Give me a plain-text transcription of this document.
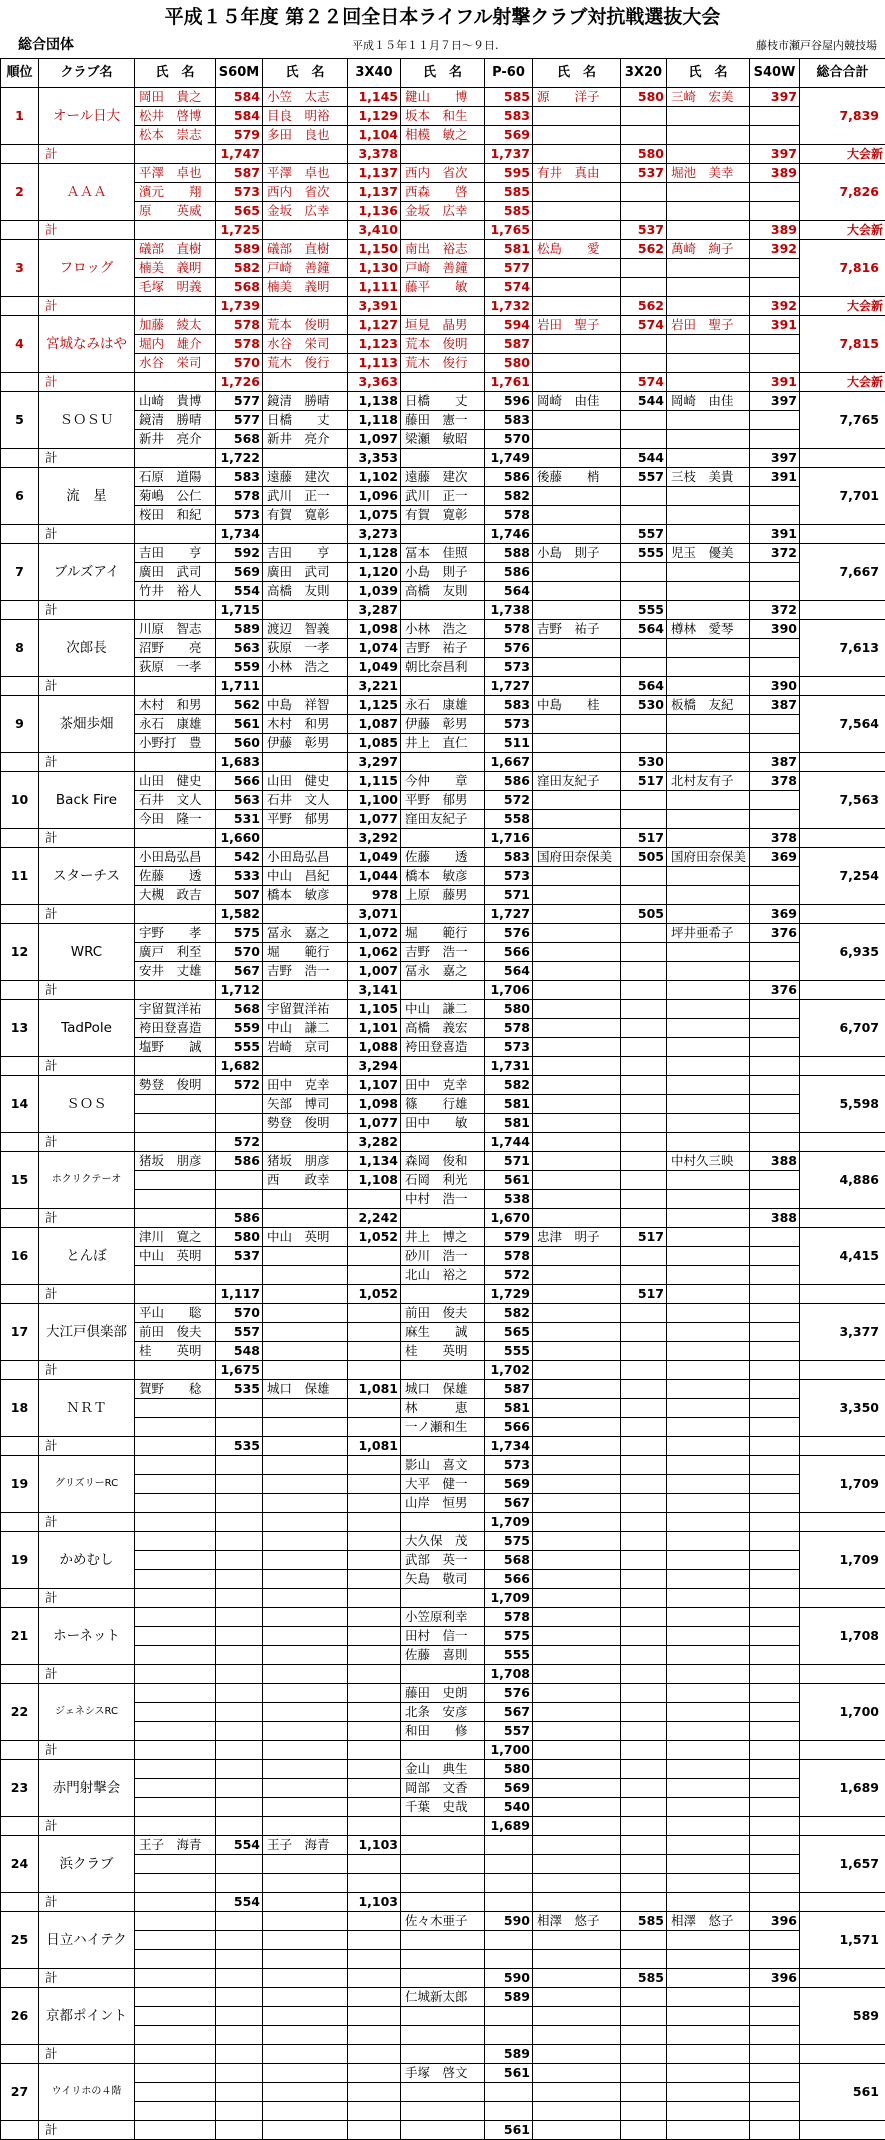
平成１５年度 第２２回全日本ライフル射撃クラブ対抗戦選抜大会
総合団体	平成１５年１１月７日～９日.	藤枝市瀬戸谷屋内競技場
順位	クラブ名	氏　名	S60M	氏　名	3X40	氏　名	P-60	氏　名	3X20	氏　名	S40W	総合合計
1	オール日大	岡田　貴之	584	小笠　太志	1,145	鍵山　　博	585	源　　洋子	580	三崎　宏美	397	7,839
		松井　啓博	584	目良　明裕	1,129	坂本　和生	583					
		松本　崇志	579	多田　良也	1,104	相模　敏之	569					
	計		1,747		3,378		1,737		580		397	大会新
2	ＡＡＡ	平澤　卓也	587	平澤　卓也	1,137	西内　省次	595	有井　真由	537	堀池　美幸	389	7,826
		濱元　　翔	573	西内　省次	1,137	西森　　啓	585					
		原　　英威	565	金坂　広幸	1,136	金坂　広幸	585					
	計		1,725		3,410		1,765		537		389	大会新
3	フロッグ	礒部　直樹	589	礒部　直樹	1,150	南出　裕志	581	松島　　愛	562	萬崎　絢子	392	7,816
		楠美　義明	582	戸崎　善鐘	1,130	戸崎　善鐘	577					
		毛塚　明義	568	楠美　義明	1,111	藤平　　敏	574					
	計		1,739		3,391		1,732		562		392	大会新
4	宮城なみはや	加藤　綾太	578	荒本　俊明	1,127	垣見　晶男	594	岩田　聖子	574	岩田　聖子	391	7,815
		堀内　雄介	578	水谷　栄司	1,123	荒本　俊明	587					
		水谷　栄司	570	荒木　俊行	1,113	荒木　俊行	580					
	計		1,726		3,363		1,761		574		391	大会新
5	ＳＯＳＵ	山崎　貴博	577	鏡清　勝晴	1,138	日橋　　丈	596	岡崎　由佳	544	岡崎　由佳	397	7,765
		鏡清　勝晴	577	日橋　　丈	1,118	藤田　憲一	583					
		新井　亮介	568	新井　亮介	1,097	梁瀬　敏昭	570					
	計		1,722		3,353		1,749		544		397	
6	流　星	石原　道陽	583	遠藤　建次	1,102	遠藤　建次	586	後藤　　梢	557	三枝　美貴	391	7,701
		菊嶋　公仁	578	武川　正一	1,096	武川　正一	582					
		桜田　和紀	573	有賀　寛彰	1,075	有賀　寛彰	578					
	計		1,734		3,273		1,746		557		391	
7	ブルズアイ	吉田　　亨	592	吉田　　亨	1,128	冨本　佳照	588	小島　則子	555	児玉　優美	372	7,667
		廣田　武司	569	廣田　武司	1,120	小島　則子	586					
		竹井　裕人	554	高橋　友則	1,039	高橋　友則	564					
	計		1,715		3,287		1,738		555		372	
8	次郎長	川原　智志	589	渡辺　智義	1,098	小林　浩之	578	吉野　祐子	564	樽林　愛琴	390	7,613
		沼野　　亮	563	荻原　一孝	1,074	吉野　祐子	576					
		荻原　一孝	559	小林　浩之	1,049	朝比奈昌利	573					
	計		1,711		3,221		1,727		564		390	
9	茶畑歩畑	木村　和男	562	中島　祥智	1,125	永石　康雄	583	中島　　桂	530	板橋　友紀	387	7,564
		永石　康雄	561	木村　和男	1,087	伊藤　彰男	573					
		小野打　豊	560	伊藤　彰男	1,085	井上　直仁	511					
	計		1,683		3,297		1,667		530		387	
10	Back Fire	山田　健史	566	山田　健史	1,115	今仲　　章	586	窪田友紀子	517	北村友有子	378	7,563
		石井　文人	563	石井　文人	1,100	平野　郁男	572					
		今田　隆一	531	平野　郁男	1,077	窪田友紀子	558					
	計		1,660		3,292		1,716		517		378	
11	スターチス	小田島弘昌	542	小田島弘昌	1,049	佐藤　　透	583	国府田奈保美	505	国府田奈保美	369	7,254
		佐藤　　透	533	中山　昌紀	1,044	橋本　敏彦	573					
		大槻　政吉	507	橋本　敏彦	978	上原　藤男	571					
	計		1,582		3,071		1,727		505		369	
12	WRC	宇野　　孝	575	冨永　嘉之	1,072	堀　　範行	576			坪井亜希子	376	6,935
		廣戸　利至	570	堀　　範行	1,062	吉野　浩一	566					
		安井　丈雄	567	吉野　浩一	1,007	冨永　嘉之	564					
	計		1,712		3,141		1,706				376	
13	TadPole	宇留賀洋祐	568	宇留賀洋祐	1,105	中山　謙二	580					6,707
		袴田登喜造	559	中山　謙二	1,101	高橋　義宏	578					
		塩野　　誠	555	岩崎　京司	1,088	袴田登喜造	573					
	計		1,682		3,294		1,731					
14	ＳＯＳ	勢登　俊明	572	田中　克幸	1,107	田中　克幸	582					5,598
				矢部　博司	1,098	篠　　行雄	581					
				勢登　俊明	1,077	田中　　敏	581					
	計		572		3,282		1,744					
15	ホクリクテーオ	猪坂　朋彦	586	猪坂　朋彦	1,134	森岡　俊和	571			中村久三映	388	4,886
				西　　政幸	1,108	石岡　利光	561					
						中村　浩一	538					
	計		586		2,242		1,670				388	
16	とんぼ	津川　寛之	580	中山　英明	1,052	井上　博之	579	忠津　明子	517			4,415
		中山　英明	537			砂川　浩一	578					
						北山　裕之	572					
	計		1,117		1,052		1,729		517			
17	大江戸倶楽部	平山　　聡	570			前田　俊夫	582					3,377
		前田　俊夫	557			麻生　　誠	565					
		桂　　英明	548			桂　　英明	555					
	計		1,675				1,702					
18	ＮＲＴ	賀野　　稔	535	城口　保雄	1,081	城口　保雄	587					3,350
						林　　　恵	581					
						一ノ瀬和生	566					
	計		535		1,081		1,734					
19	グリズリーRC					影山　喜文	573					1,709
						大平　健一	569					
						山岸　恒男	567					
	計						1,709					
19	かめむし					大久保　茂	575					1,709
						武部　英一	568					
						矢島　敬司	566					
	計						1,709					
21	ホーネット					小笠原利幸	578					1,708
						田村　信一	575					
						佐藤　喜則	555					
	計						1,708					
22	ジェネシスRC					藤田　史朗	576					1,700
						北条　安彦	567					
						和田　　修	557					
	計						1,700					
23	赤門射撃会					金山　典生	580					1,689
						岡部　文香	569					
						千葉　史哉	540					
	計						1,689					
24	浜クラブ	王子　海青	554	王子　海青	1,103							1,657

	計		554		1,103							
25	日立ハイテク					佐々木亜子	590	相澤　悠子	585	相澤　悠子	396	1,571

	計						590		585		396	
26	京都ポイント					仁城新太郎	589					589

	計						589					
27	ウイリホの４階					手塚　啓文	561					561

	計						561					
